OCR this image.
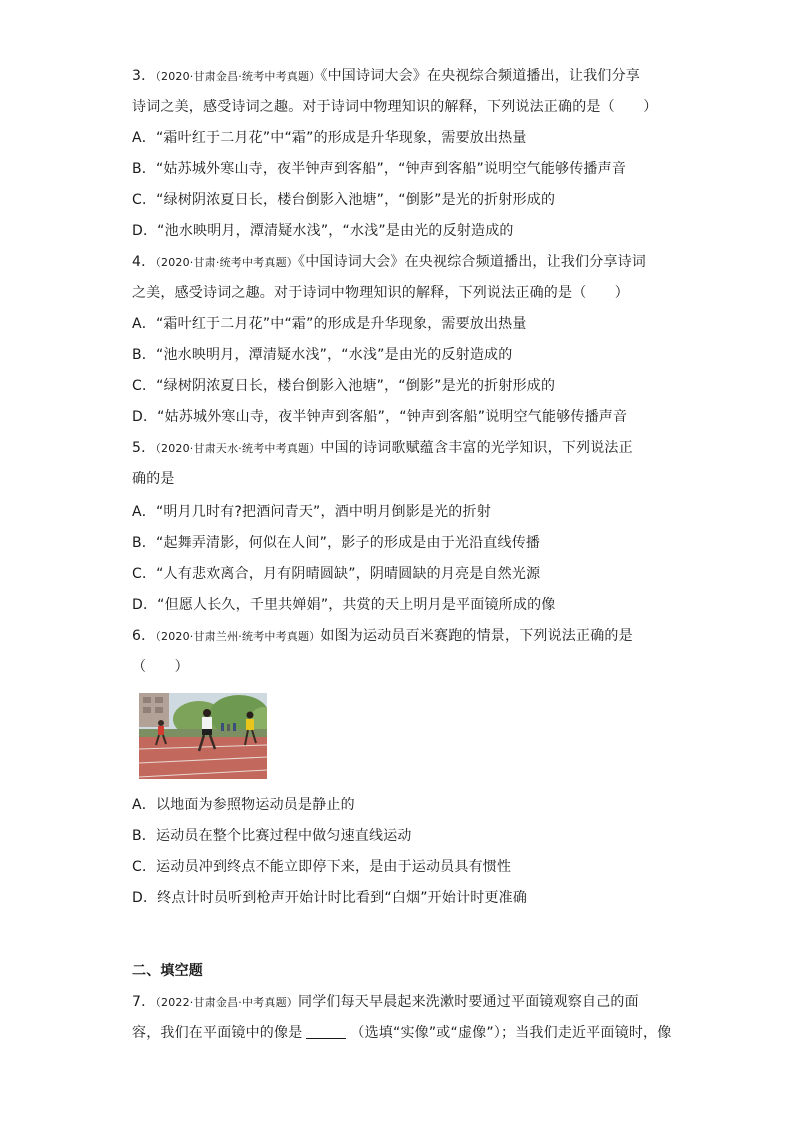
3．（2020·甘肃金昌·统考中考真题）《中国诗词大会》在央视综合频道播出，让我们分享
诗词之美，感受诗词之趣。对于诗词中物理知识的解释，下列说法正确的是（　　）
A．“霜叶红于二月花”中“霜”的形成是升华现象，需要放出热量
B．“姑苏城外寒山寺，夜半钟声到客船”，“钟声到客船”说明空气能够传播声音
C．“绿树阴浓夏日长，楼台倒影入池塘”，“倒影”是光的折射形成的
D．“池水映明月，潭清疑水浅”，“水浅”是由光的反射造成的
4．（2020·甘肃·统考中考真题）《中国诗词大会》在央视综合频道播出，让我们分享诗词
之美，感受诗词之趣。对于诗词中物理知识的解释，下列说法正确的是（　　）
A．“霜叶红于二月花”中“霜”的形成是升华现象，需要放出热量
B．“池水映明月，潭清疑水浅”，“水浅”是由光的反射造成的
C．“绿树阴浓夏日长，楼台倒影入池塘”，“倒影”是光的折射形成的
D．“姑苏城外寒山寺，夜半钟声到客船”，“钟声到客船”说明空气能够传播声音
5．（2020·甘肃天水·统考中考真题）中国的诗词歌赋蕴含丰富的光学知识，下列说法正
确的是
A．“明月几时有?把酒问青天”，酒中明月倒影是光的折射
B．“起舞弄清影，何似在人间”，影子的形成是由于光沿直线传播
C．“人有悲欢离合，月有阴晴圆缺”，阴晴圆缺的月亮是自然光源
D．“但愿人长久，千里共婵娟”，共赏的天上明月是平面镜所成的像
6．（2020·甘肃兰州·统考中考真题）如图为运动员百米赛跑的情景，下列说法正确的是
（　　）
A．以地面为参照物运动员是静止的
B．运动员在整个比赛过程中做匀速直线运动
C．运动员冲到终点不能立即停下来，是由于运动员具有惯性
D．终点计时员听到枪声开始计时比看到“白烟”开始计时更准确
二、填空题
7．（2022·甘肃金昌·中考真题）同学们每天早晨起来洗漱时要通过平面镜观察自己的面
容，我们在平面镜中的像是	（选填“实像”或“虚像”）；当我们走近平面镜时，像
